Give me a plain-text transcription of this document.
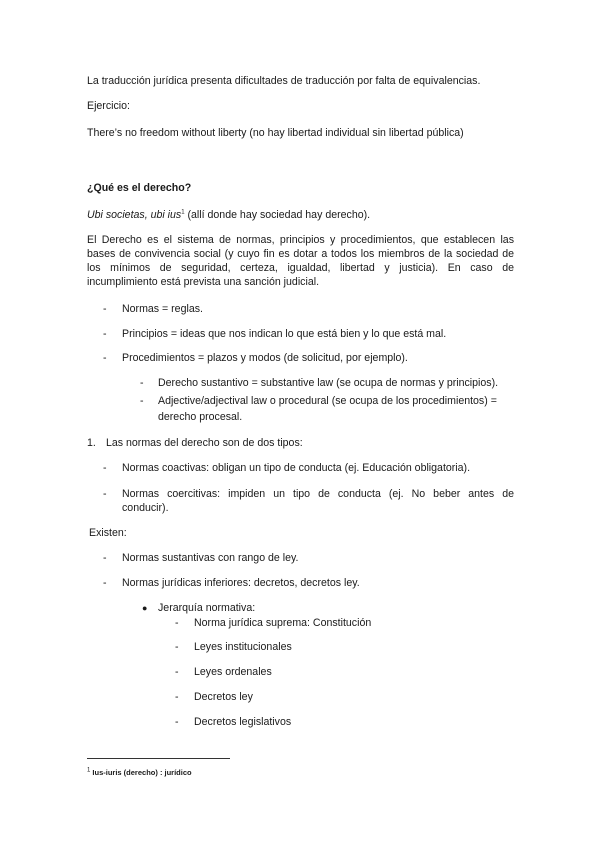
La traducción jurídica presenta dificultades de traducción por falta de equivalencias.
Ejercicio:
There’s no freedom without liberty (no hay libertad individual sin libertad pública)
¿Qué es el derecho?
Ubi societas, ubi ius$^1$ (allí donde hay sociedad hay derecho).
El Derecho es el sistema de normas, principios y procedimientos, que establecen las
bases de convivencia social (y cuyo fin es dotar a todos los miembros de la sociedad de
los mínimos de seguridad, certeza, igualdad, libertad y justicia). En caso de
incumplimiento está prevista una sanción judicial.
- Normas = reglas.
- Principios = ideas que nos indican lo que está bien y lo que está mal.
- Procedimientos = plazos y modos (de solicitud, por ejemplo).
- Derecho sustantivo = substantive law (se ocupa de normas y principios).
- Adjective/adjectival law o procedural (se ocupa de los procedimientos) =
derecho procesal.
1. Las normas del derecho son de dos tipos:
- Normas coactivas: obligan un tipo de conducta (ej. Educación obligatoria).
- Normas coercitivas: impiden un tipo de conducta (ej. No beber antes de
conducir).
Existen:
- Normas sustantivas con rango de ley.
- Normas jurídicas inferiores: decretos, decretos ley.
● Jerarquía normativa:
- Norma jurídica suprema: Constitución
- Leyes institucionales
- Leyes ordenales
- Decretos ley
- Decretos legislativos
$^1$ Ius-iuris (derecho) : jurídico
